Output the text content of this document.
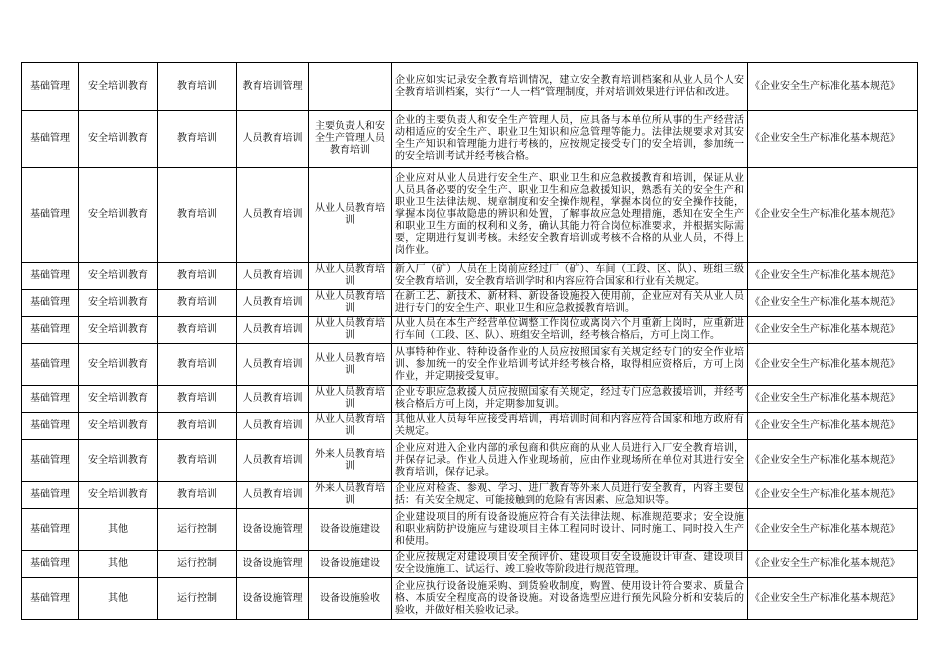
基础管理	安全培训教育	教育培训	教育培训管理		企业应如实记录安全教育培训情况，建立安全教育培训档案和从业人员个人安全教育培训档案，实行“一人一档”管理制度，并对培训效果进行评估和改进。	《企业安全生产标准化基本规范》
基础管理	安全培训教育	教育培训	人员教育培训	主要负责人和安全生产管理人员教育培训	企业的主要负责人和安全生产管理人员，应具备与本单位所从事的生产经营活动相适应的安全生产、职业卫生知识和应急管理等能力。法律法规要求对其安全生产知识和管理能力进行考核的，应按规定接受专门的安全培训，参加统一的安全培训考试并经考核合格。	《企业安全生产标准化基本规范》
基础管理	安全培训教育	教育培训	人员教育培训	从业人员教育培训	企业应对从业人员进行安全生产、职业卫生和应急救援教育和培训，保证从业人员具备必要的安全生产、职业卫生和应急救援知识，熟悉有关的安全生产和职业卫生法律法规、规章制度和安全操作规程，掌握本岗位的安全操作技能，掌握本岗位事故隐患的辨识和处置，了解事故应急处理措施，悉知在安全生产和职业卫生方面的权利和义务，确认其能力符合岗位标准要求，并根据实际需要，定期进行复训考核。未经安全教育培训或考核不合格的从业人员，不得上岗作业。	《企业安全生产标准化基本规范》
基础管理	安全培训教育	教育培训	人员教育培训	从业人员教育培训	新入厂（矿）人员在上岗前应经过厂（矿）、车间（工段、区、队）、班组三级安全教育培训，安全教育培训学时和内容应符合国家和行业有关规定。	《企业安全生产标准化基本规范》
基础管理	安全培训教育	教育培训	人员教育培训	从业人员教育培训	在新工艺、新技术、新材料、新设备设施投入使用前，企业应对有关从业人员进行专门的安全生产、职业卫生和应急救援教育培训。	《企业安全生产标准化基本规范》
基础管理	安全培训教育	教育培训	人员教育培训	从业人员教育培训	从业人员在本生产经营单位调整工作岗位或离岗六个月重新上岗时，应重新进行车间（工段、区、队）、班组安全培训，经考核合格后，方可上岗工作。	《企业安全生产标准化基本规范》
基础管理	安全培训教育	教育培训	人员教育培训	从业人员教育培训	从事特种作业、特种设备作业的人员应按照国家有关规定经专门的安全作业培训、参加统一的安全作业培训考试并经考核合格，取得相应资格后，方可上岗作业，并定期接受复审。	《企业安全生产标准化基本规范》
基础管理	安全培训教育	教育培训	人员教育培训	从业人员教育培训	企业专职应急救援人员应按照国家有关规定，经过专门应急救援培训，并经考核合格后方可上岗，并定期参加复训。	《企业安全生产标准化基本规范》
基础管理	安全培训教育	教育培训	人员教育培训	从业人员教育培训	其他从业人员每年应接受再培训，再培训时间和内容应符合国家和地方政府有关规定。	《企业安全生产标准化基本规范》
基础管理	安全培训教育	教育培训	人员教育培训	外来人员教育培训	企业应对进入企业内部的承包商和供应商的从业人员进行入厂安全教育培训，并保存记录。作业人员进入作业现场前，应由作业现场所在单位对其进行安全教育培训，保存记录。	《企业安全生产标准化基本规范》
基础管理	安全培训教育	教育培训	人员教育培训	外来人员教育培训	企业应对检查、参观、学习、进厂教育等外来人员进行安全教育，内容主要包括：有关安全规定、可能接触到的危险有害因素、应急知识等。	《企业安全生产标准化基本规范》
基础管理	其他	运行控制	设备设施管理	设备设施建设	企业建设项目的所有设备设施应符合有关法律法规、标准规范要求；安全设施和职业病防护设施应与建设项目主体工程同时设计、同时施工、同时投入生产和使用。	《企业安全生产标准化基本规范》
基础管理	其他	运行控制	设备设施管理	设备设施建设	企业应按规定对建设项目安全预评价、建设项目安全设施设计审查、建设项目安全设施施工、试运行、竣工验收等阶段进行规范管理。	《企业安全生产标准化基本规范》
基础管理	其他	运行控制	设备设施管理	设备设施验收	企业应执行设备设施采购、到货验收制度，购置、使用设计符合要求、质量合格、本质安全程度高的设备设施。对设备选型应进行预先风险分析和安装后的验收，并做好相关验收记录。	《企业安全生产标准化基本规范》
